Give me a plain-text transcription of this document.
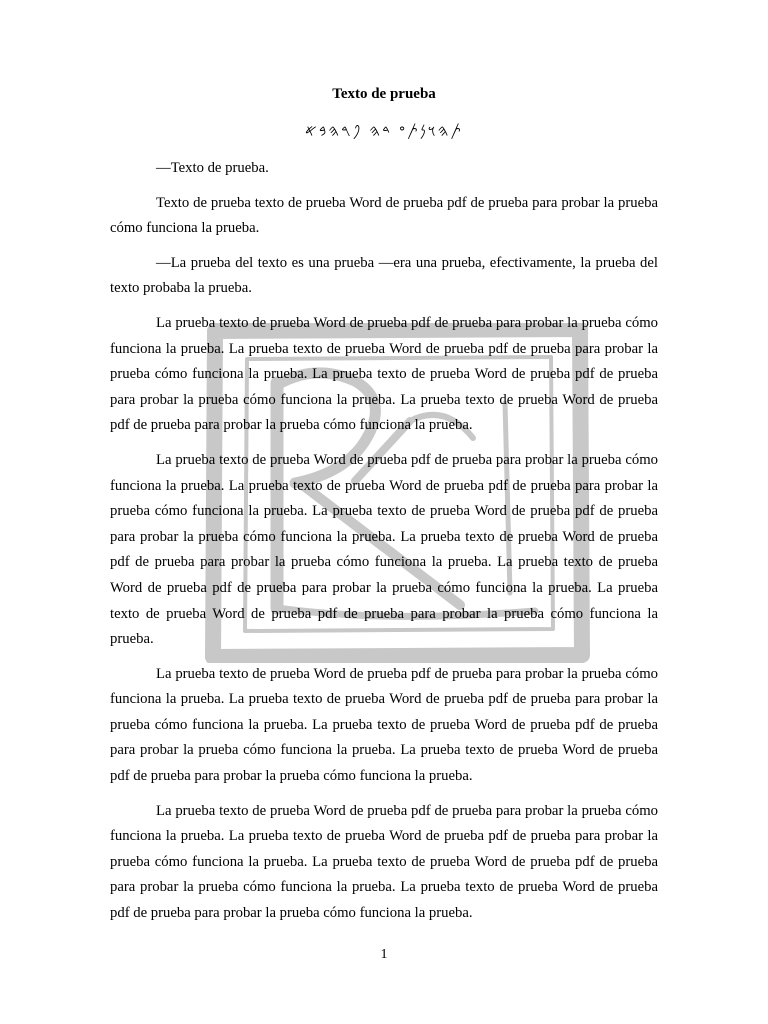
Texto de prueba
𐤕𐤄𐤅𐤍𐤕𐤏 𐤃𐤄 𐤐𐤓𐤄𐤁𐤀

—Texto de prueba.

Texto de prueba texto de prueba Word de prueba pdf de prueba para probar la prueba cómo funciona la prueba.

—La prueba del texto es una prueba —era una prueba, efectivamente, la prueba del texto probaba la prueba.

La prueba texto de prueba Word de prueba pdf de prueba para probar la prueba cómo funciona la prueba. La prueba texto de prueba Word de prueba pdf de prueba para probar la prueba cómo funciona la prueba. La prueba texto de prueba Word de prueba pdf de prueba para probar la prueba cómo funciona la prueba. La prueba texto de prueba Word de prueba pdf de prueba para probar la prueba cómo funciona la prueba.

La prueba texto de prueba Word de prueba pdf de prueba para probar la prueba cómo funciona la prueba. La prueba texto de prueba Word de prueba pdf de prueba para probar la prueba cómo funciona la prueba. La prueba texto de prueba Word de prueba pdf de prueba para probar la prueba cómo funciona la prueba. La prueba texto de prueba Word de prueba pdf de prueba para probar la prueba cómo funciona la prueba. La prueba texto de prueba Word de prueba pdf de prueba para probar la prueba cómo funciona la prueba. La prueba texto de prueba Word de prueba pdf de prueba para probar la prueba cómo funciona la prueba.

La prueba texto de prueba Word de prueba pdf de prueba para probar la prueba cómo funciona la prueba. La prueba texto de prueba Word de prueba pdf de prueba para probar la prueba cómo funciona la prueba. La prueba texto de prueba Word de prueba pdf de prueba para probar la prueba cómo funciona la prueba. La prueba texto de prueba Word de prueba pdf de prueba para probar la prueba cómo funciona la prueba.

La prueba texto de prueba Word de prueba pdf de prueba para probar la prueba cómo funciona la prueba. La prueba texto de prueba Word de prueba pdf de prueba para probar la prueba cómo funciona la prueba. La prueba texto de prueba Word de prueba pdf de prueba para probar la prueba cómo funciona la prueba. La prueba texto de prueba Word de prueba pdf de prueba para probar la prueba cómo funciona la prueba.

1
